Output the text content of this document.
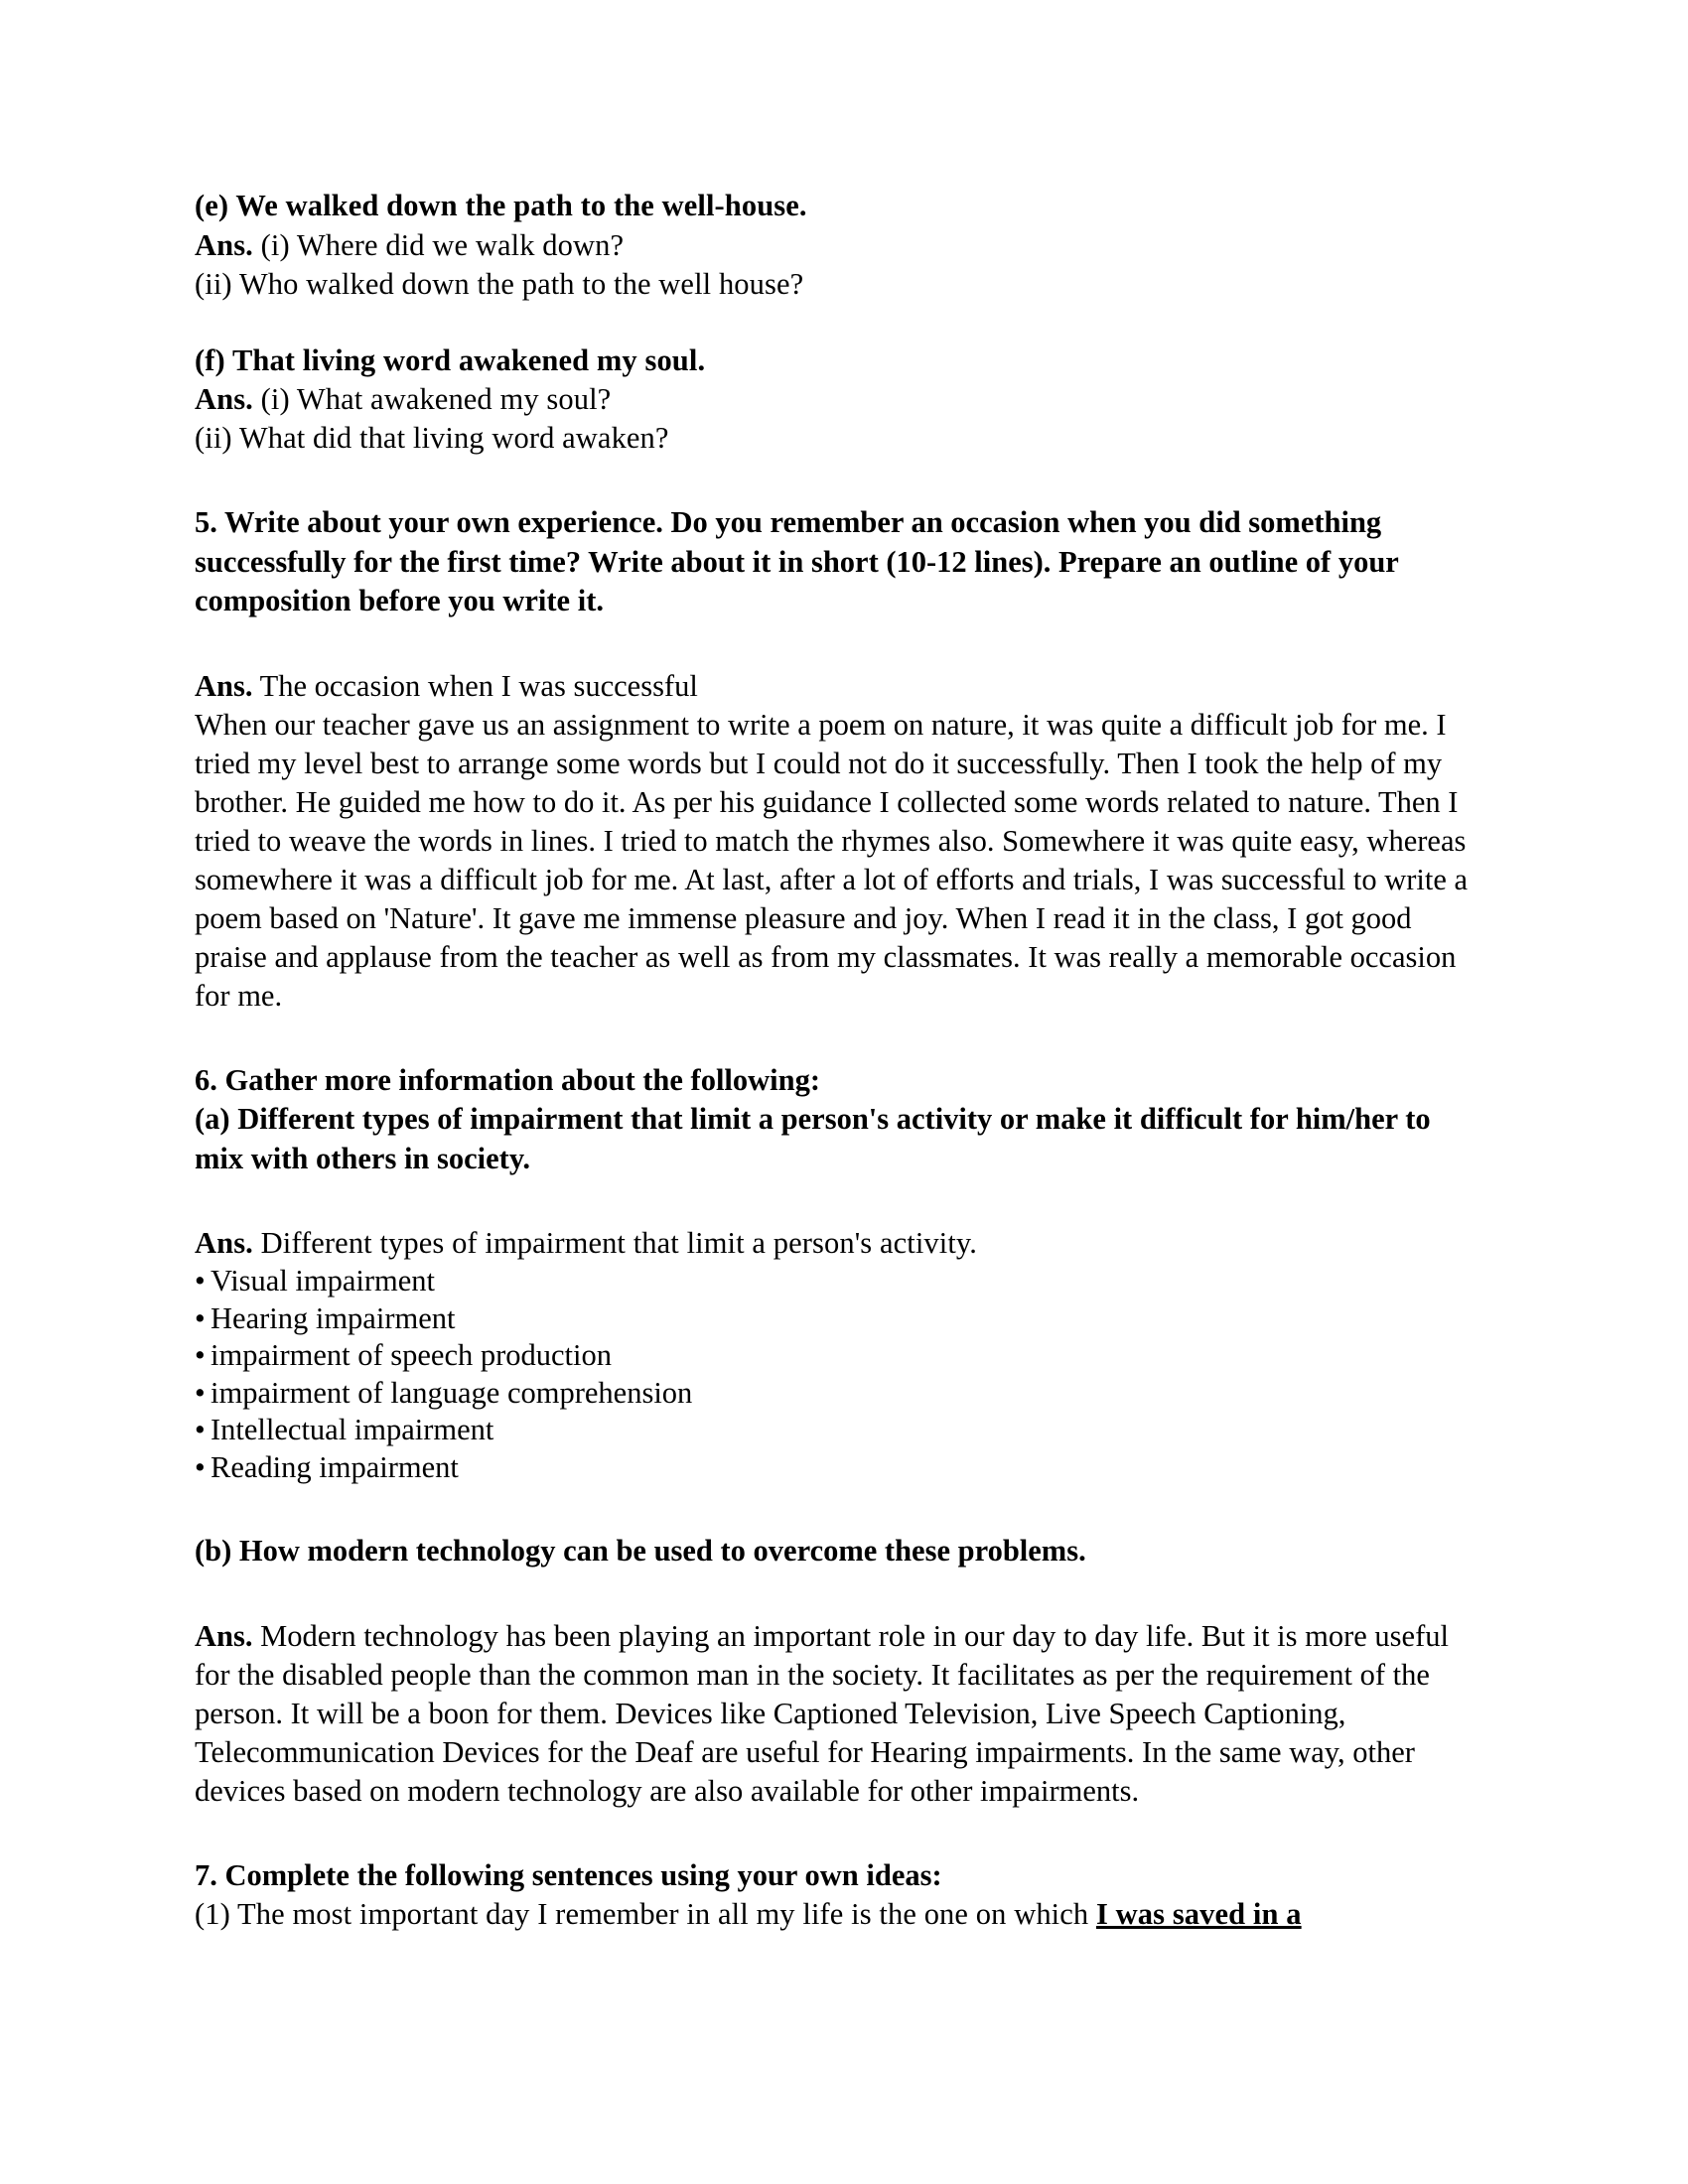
(e) We walked down the path to the well-house.
Ans. (i) Where did we walk down?
(ii) Who walked down the path to the well house?
(f) That living word awakened my soul.
Ans. (i) What awakened my soul?
(ii) What did that living word awaken?
5. Write about your own experience. Do you remember an occasion when you did something successfully for the first time? Write about it in short (10-12 lines). Prepare an outline of your composition before you write it.
Ans. The occasion when I was successful
When our teacher gave us an assignment to write a poem on nature, it was quite a difficult job for me. I tried my level best to arrange some words but I could not do it successfully. Then I took the help of my brother. He guided me how to do it. As per his guidance I collected some words related to nature. Then I tried to weave the words in lines. I tried to match the rhymes also. Somewhere it was quite easy, whereas somewhere it was a difficult job for me. At last, after a lot of efforts and trials, I was successful to write a poem based on 'Nature'. It gave me immense pleasure and joy. When I read it in the class, I got good praise and applause from the teacher as well as from my classmates. It was really a memorable occasion for me.
6. Gather more information about the following:
(a) Different types of impairment that limit a person's activity or make it difficult for him/her to mix with others in society.
Ans. Different types of impairment that limit a person's activity.
• Visual impairment
• Hearing impairment
• impairment of speech production
• impairment of language comprehension
• Intellectual impairment
• Reading impairment
(b) How modern technology can be used to overcome these problems.
Ans. Modern technology has been playing an important role in our day to day life. But it is more useful for the disabled people than the common man in the society. It facilitates as per the requirement of the person. It will be a boon for them. Devices like Captioned Television, Live Speech Captioning, Telecommunication Devices for the Deaf are useful for Hearing impairments. In the same way, other devices based on modern technology are also available for other impairments.
7. Complete the following sentences using your own ideas:
(1) The most important day I remember in all my life is the one on which I was saved in a
